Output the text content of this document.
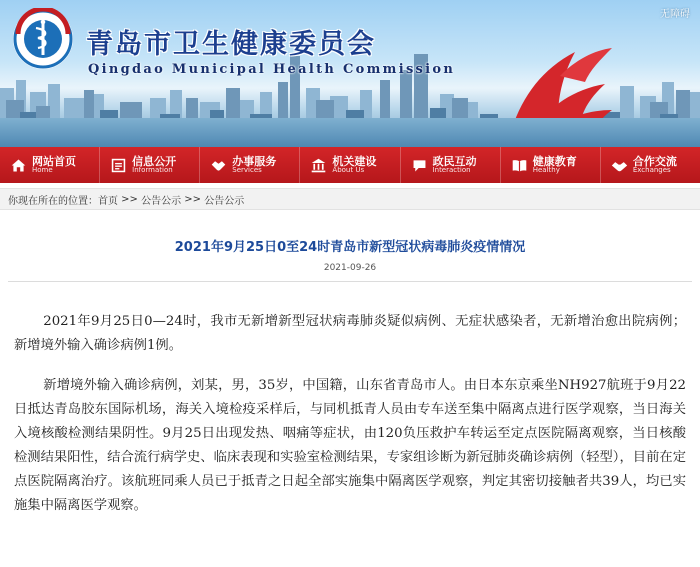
青岛市卫生健康委员会
Qingdao Municipal Health Commission
无障碍
网站首页
Home
信息公开
Information
办事服务
Services
机关建设
About Us
政民互动
Interaction
健康教育
Healthy
合作交流
Exchanges
你现在所在的位置： 首页 >> 公告公示 >> 公告公示
2021年9月25日0至24时青岛市新型冠状病毒肺炎疫情情况
2021-09-26

2021年9月25日0—24时，我市无新增新型冠状病毒肺炎疑似病例、无症状感染者，无新增治愈出院病例；新增境外输入确诊病例1例。

新增境外输入确诊病例，刘某，男，35岁，中国籍，山东省青岛市人。由日本东京乘坐NH927航班于9月22日抵达青岛胶东国际机场，海关入境检疫采样后，与同机抵青人员由专车送至集中隔离点进行医学观察，当日海关入境核酸检测结果阴性。9月25日出现发热、咽痛等症状，由120负压救护车转运至定点医院隔离观察，当日核酸检测结果阳性，结合流行病学史、临床表现和实验室检测结果，专家组诊断为新冠肺炎确诊病例（轻型），目前在定点医院隔离治疗。该航班同乘人员已于抵青之日起全部实施集中隔离医学观察，判定其密切接触者共39人，均已实施集中隔离医学观察。
